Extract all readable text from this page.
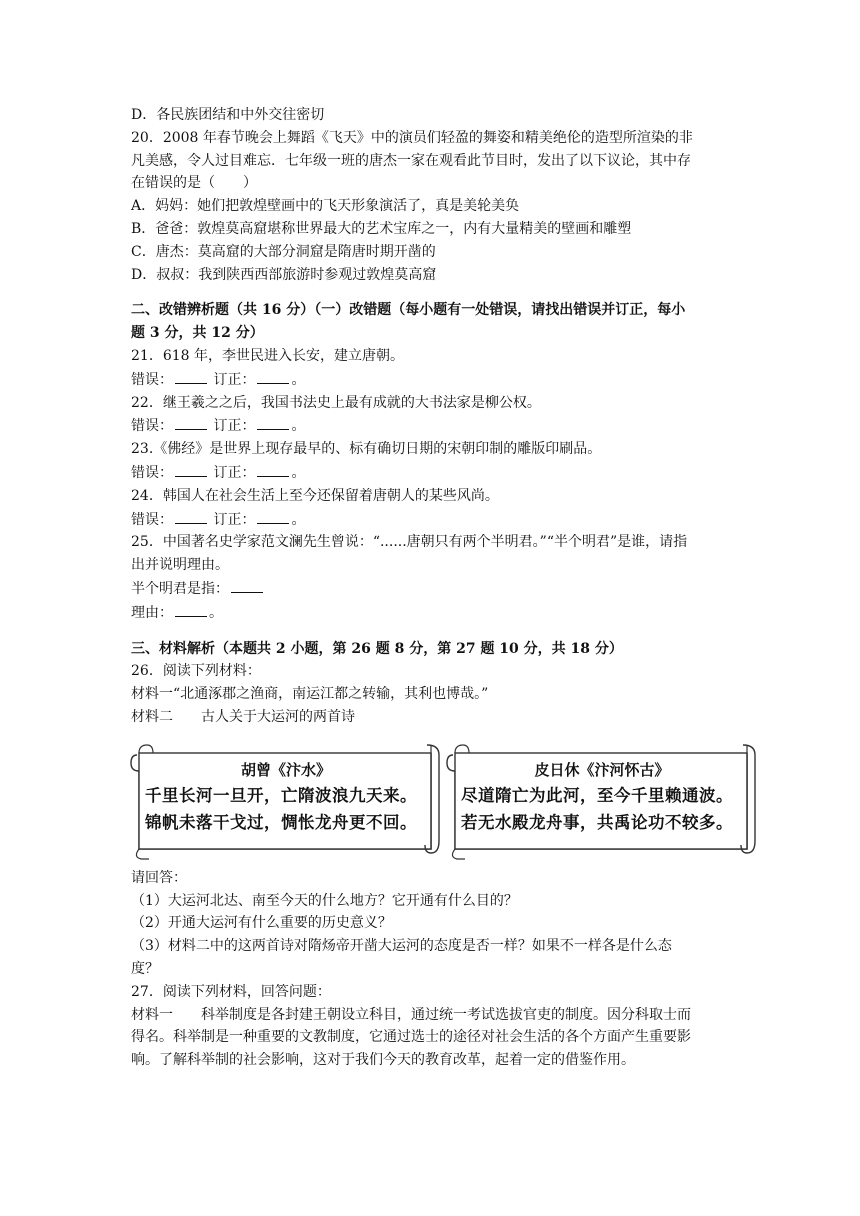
D．各民族团结和中外交往密切
20．2008 年春节晚会上舞蹈《飞天》中的演员们轻盈的舞姿和精美绝伦的造型所渲染的非
凡美感，令人过目难忘．七年级一班的唐杰一家在观看此节目时，发出了以下议论，其中存
在错误的是（　　）
A．妈妈：她们把敦煌壁画中的飞天形象演活了，真是美轮美奂
B．爸爸：敦煌莫高窟堪称世界最大的艺术宝库之一，内有大量精美的壁画和雕塑
C．唐杰：莫高窟的大部分洞窟是隋唐时期开凿的
D．叔叔：我到陕西西部旅游时参观过敦煌莫高窟
二、改错辨析题（共 16 分）（一）改错题（每小题有一处错误，请找出错误并订正，每小
题 3 分，共 12 分）
21．618 年，李世民进入长安，建立唐朝。
错误：	订正：	。
22．继王羲之之后，我国书法史上最有成就的大书法家是柳公权。
错误：	订正：	。
23.《佛经》是世界上现存最早的、标有确切日期的宋朝印制的雕版印刷品。
错误：	订正：	。
24．韩国人在社会生活上至今还保留着唐朝人的某些风尚。
错误：	订正：	。
25．中国著名史学家范文澜先生曾说：“......唐朝只有两个半明君。”“半个明君”是谁，请指
出并说明理由。
半个明君是指：
理由：	。
三、材料解析（本题共 2 小题，第 26 题 8 分，第 27 题 10 分，共 18 分）
26．阅读下列材料：
材料一“北通涿郡之渔商，南运江都之转输，其利也博哉。”
材料二　　古人关于大运河的两首诗
胡曾《汴水》
千里长河一旦开，亡隋波浪九天来。
锦帆未落干戈过，惆怅龙舟更不回。
皮日休《汴河怀古》
尽道隋亡为此河，至今千里赖通波。
若无水殿龙舟事，共禹论功不较多。
请回答：
（1）大运河北达、南至今天的什么地方？它开通有什么目的？
（2）开通大运河有什么重要的历史意义？
（3）材料二中的这两首诗对隋炀帝开凿大运河的态度是否一样？如果不一样各是什么态
度？
27．阅读下列材料，回答问题：
材料一　　科举制度是各封建王朝设立科目，通过统一考试选拔官吏的制度。因分科取士而
得名。科举制是一种重要的文教制度，它通过选士的途径对社会生活的各个方面产生重要影
响。了解科举制的社会影响，这对于我们今天的教育改革，起着一定的借鉴作用。
